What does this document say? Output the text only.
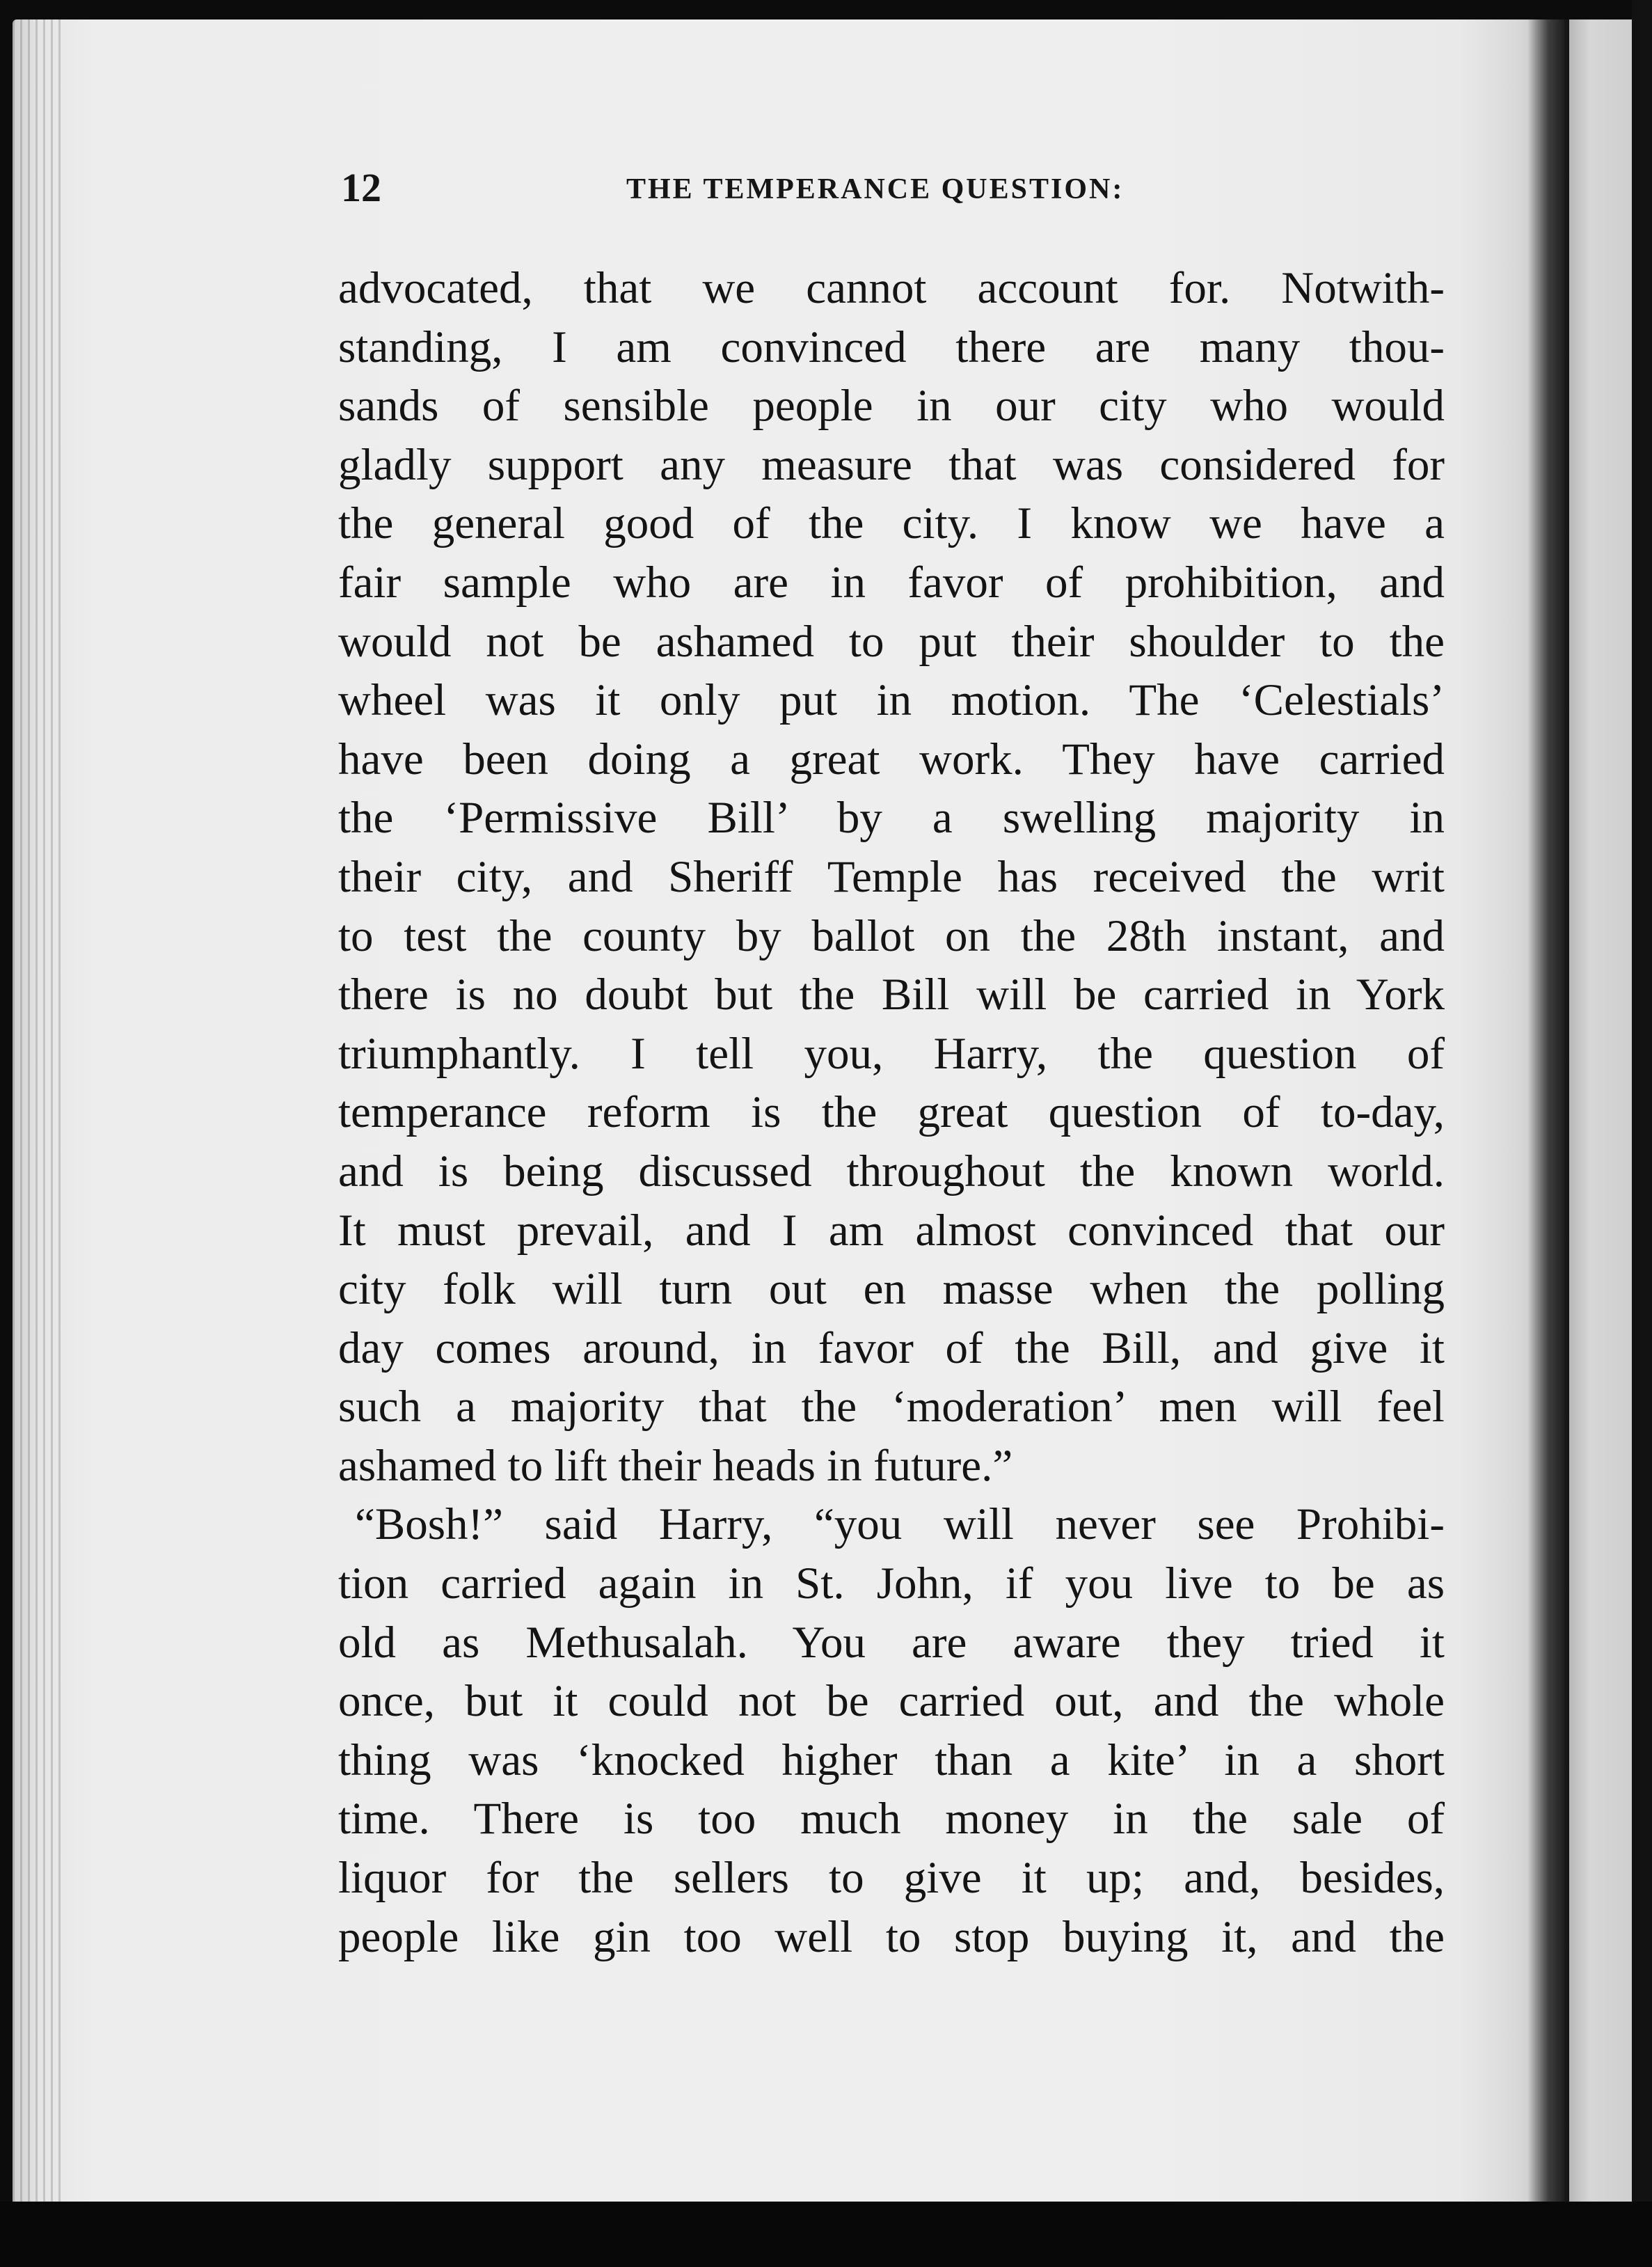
12	THE TEMPERANCE QUESTION:
advocated, that we cannot account for. Notwith-
standing, I am convinced there are many thou-
sands of sensible people in our city who would
gladly support any measure that was considered for
the general good of the city. I know we have a
fair sample who are in favor of prohibition, and
would not be ashamed to put their shoulder to the
wheel was it only put in motion. The ‘Celestials’
have been doing a great work. They have carried
the ‘Permissive Bill’ by a swelling majority in
their city, and Sheriff Temple has received the writ
to test the county by ballot on the 28th instant, and
there is no doubt but the Bill will be carried in York
triumphantly. I tell you, Harry, the question of
temperance reform is the great question of to-day,
and is being discussed throughout the known world.
It must prevail, and I am almost convinced that our
city folk will turn out en masse when the polling
day comes around, in favor of the Bill, and give it
such a majority that the ‘moderation’ men will feel
ashamed to lift their heads in future.”
“Bosh!” said Harry, “you will never see Prohibi-
tion carried again in St. John, if you live to be as
old as Methusalah. You are aware they tried it
once, but it could not be carried out, and the whole
thing was ‘knocked higher than a kite’ in a short
time. There is too much money in the sale of
liquor for the sellers to give it up; and, besides,
people like gin too well to stop buying it, and the
